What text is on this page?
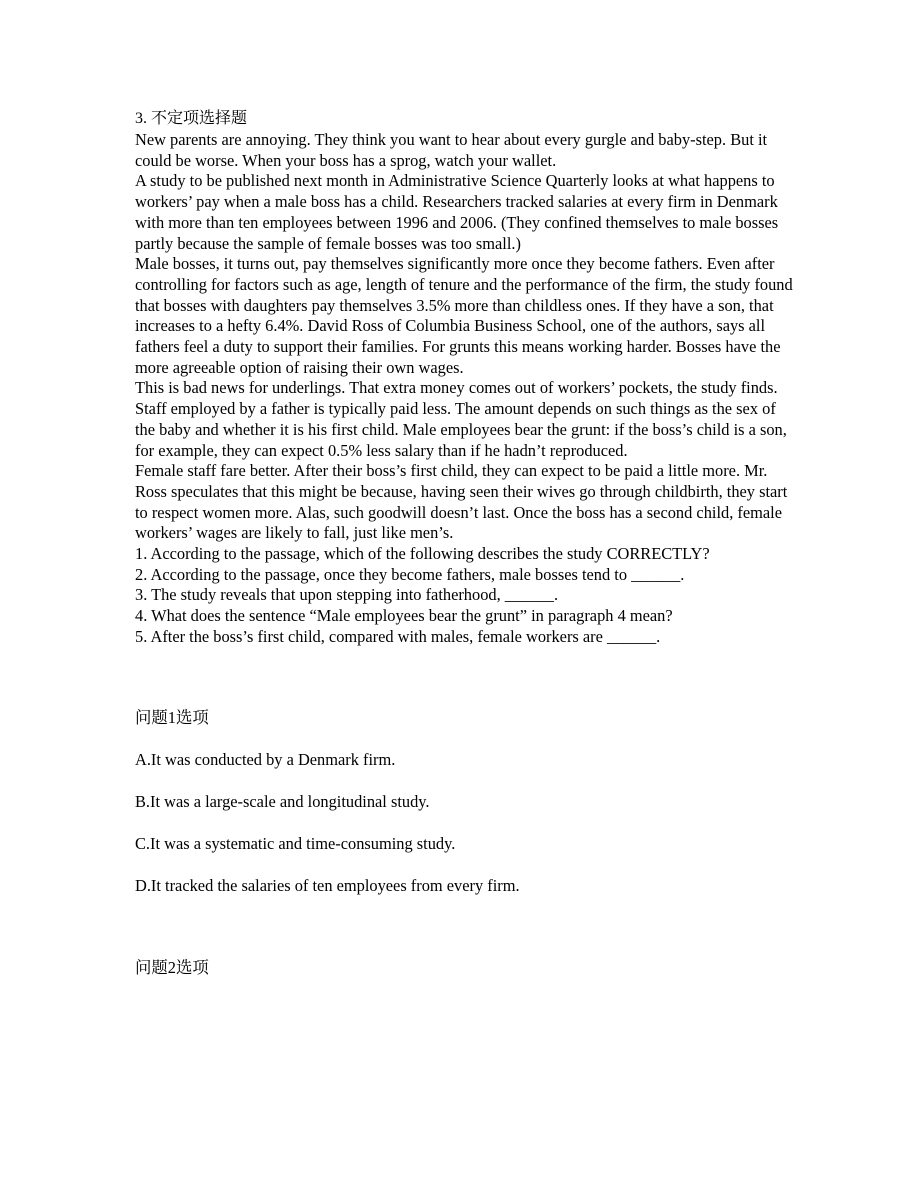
3. 不定项选择题

New parents are annoying. They think you want to hear about every gurgle and baby-step. But it could be worse. When your boss has a sprog, watch your wallet.

A study to be published next month in Administrative Science Quarterly looks at what happens to workers’ pay when a male boss has a child. Researchers tracked salaries at every firm in Denmark with more than ten employees between 1996 and 2006. (They confined themselves to male bosses partly because the sample of female bosses was too small.)

Male bosses, it turns out, pay themselves significantly more once they become fathers. Even after controlling for factors such as age, length of tenure and the performance of the firm, the study found that bosses with daughters pay themselves 3.5% more than childless ones. If they have a son, that increases to a hefty 6.4%. David Ross of Columbia Business School, one of the authors, says all fathers feel a duty to support their families. For grunts this means working harder. Bosses have the more agreeable option of raising their own wages.

This is bad news for underlings. That extra money comes out of workers’ pockets, the study finds. Staff employed by a father is typically paid less. The amount depends on such things as the sex of the baby and whether it is his first child. Male employees bear the grunt: if the boss’s child is a son, for example, they can expect 0.5% less salary than if he hadn’t reproduced.

Female staff fare better. After their boss’s first child, they can expect to be paid a little more. Mr. Ross speculates that this might be because, having seen their wives go through childbirth, they start to respect women more. Alas, such goodwill doesn’t last. Once the boss has a second child, female workers’ wages are likely to fall, just like men’s.

1. According to the passage, which of the following describes the study CORRECTLY?

2. According to the passage, once they become fathers, male bosses tend to ______.

3. The study reveals that upon stepping into fatherhood, ______.

4. What does the sentence “Male employees bear the grunt” in paragraph 4 mean?

5. After the boss’s first child, compared with males, female workers are ______.

问题1选项

A.It was conducted by a Denmark firm.

B.It was a large-scale and longitudinal study.

C.It was a systematic and time-consuming study.

D.It tracked the salaries of ten employees from every firm.

问题2选项
